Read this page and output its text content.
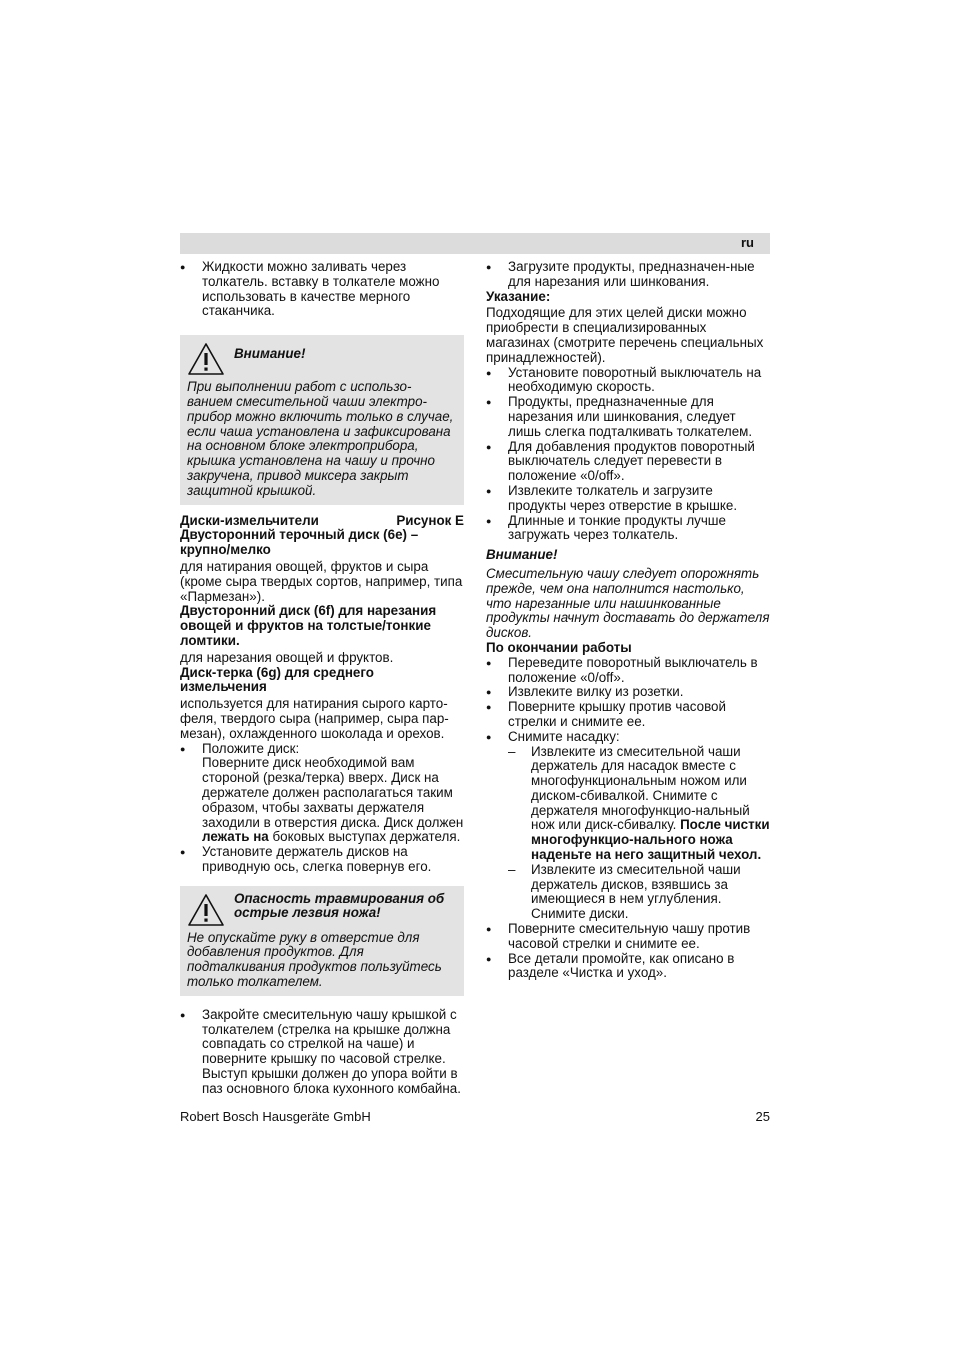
ru
● Жидкости можно заливать через толкатель. вставку в толкателе можно использовать в качестве мерного стаканчика.
Внимание!

При выполнении работ с использо-ванием смесительной чаши электро-прибор можно включить только в случае, если чаша установлена и зафиксирована на основном блоке электроприбора, крышка установлена на чашу и прочно закручена, привод миксера закрыт защитной крышкой.

Диски-измельчители	Рисунок E

Двусторонний терочный диск (6e) – крупно/мелко

для натирания овощей, фруктов и сыра (кроме сыра твердых сортов, например, типа «Пармезан»).

Двусторонний диск (6f) для нарезания овощей и фруктов на толстые/тонкие ломтики.

для нарезания овощей и фруктов.

Диск-терка (6g) для среднего измельчения

используется для натирания сырого карто-феля, твердого сыра (например, сыра пар-мезан), охлажденного шоколада и орехов.

● Положите диск:
Поверните диск необходимой вам стороной (резка/терка) вверх. Диск на держателе должен располагаться таким образом, чтобы захваты держателя заходили в отверстия диска. Диск должен лежать на боковых выступах держателя.
● Установите держатель дисков на приводную ось, слегка повернув его.
Опасность травмирования об острые лезвия ножа!

Не опускайте руку в отверстие для добавления продуктов. Для подталкивания продуктов пользуйтесь только толкателем.

● Закройте смесительную чашу крышкой с толкателем (стрелка на крышке должна совпадать со стрелкой на чаше) и поверните крышку по часовой стрелке. Выступ крышки должен до упора войти в паз основного блока кухонного комбайна.
● Загрузите продукты, предназначен-ные для нарезания или шинкования.

Указание:

Подходящие для этих целей диски можно приобрести в специализированных магазинах (смотрите перечень специальных принадлежностей).

● Установите поворотный выключатель на необходимую скорость.
● Продукты, предназначенные для нарезания или шинкования, следует лишь слегка подталкивать толкателем.
● Для добавления продуктов поворотный выключатель следует перевести в положение «0/off».
● Извлеките толкатель и загрузите продукты через отверстие в крышке.
● Длинные и тонкие продукты лучше загружать через толкатель.

Внимание!

Смесительную чашу следует опорожнять прежде, чем она наполнится настолько, что нарезанные или нашинкованные продукты начнут доставать до держателя дисков.

По окончании работы

● Переведите поворотный выключатель в положение «0/off».
● Извлеките вилку из розетки.
● Поверните крышку против часовой стрелки и снимите ее.
● Снимите насадку:
– Извлеките из смесительной чаши держатель для насадок вместе с многофункциональным ножом или диском-сбивалкой. Снимите с держателя многофункцио-нальный нож или диск-сбивалку. После чистки многофункцио-нального ножа наденьте на него защитный чехол.
– Извлеките из смесительной чаши держатель дисков, взявшись за имеющиеся в нем углубления. Снимите диски.
● Поверните смесительную чашу против часовой стрелки и снимите ее.
● Все детали промойте, как описано в разделе «Чистка и уход».
Robert Bosch Hausgeräte GmbH	25
